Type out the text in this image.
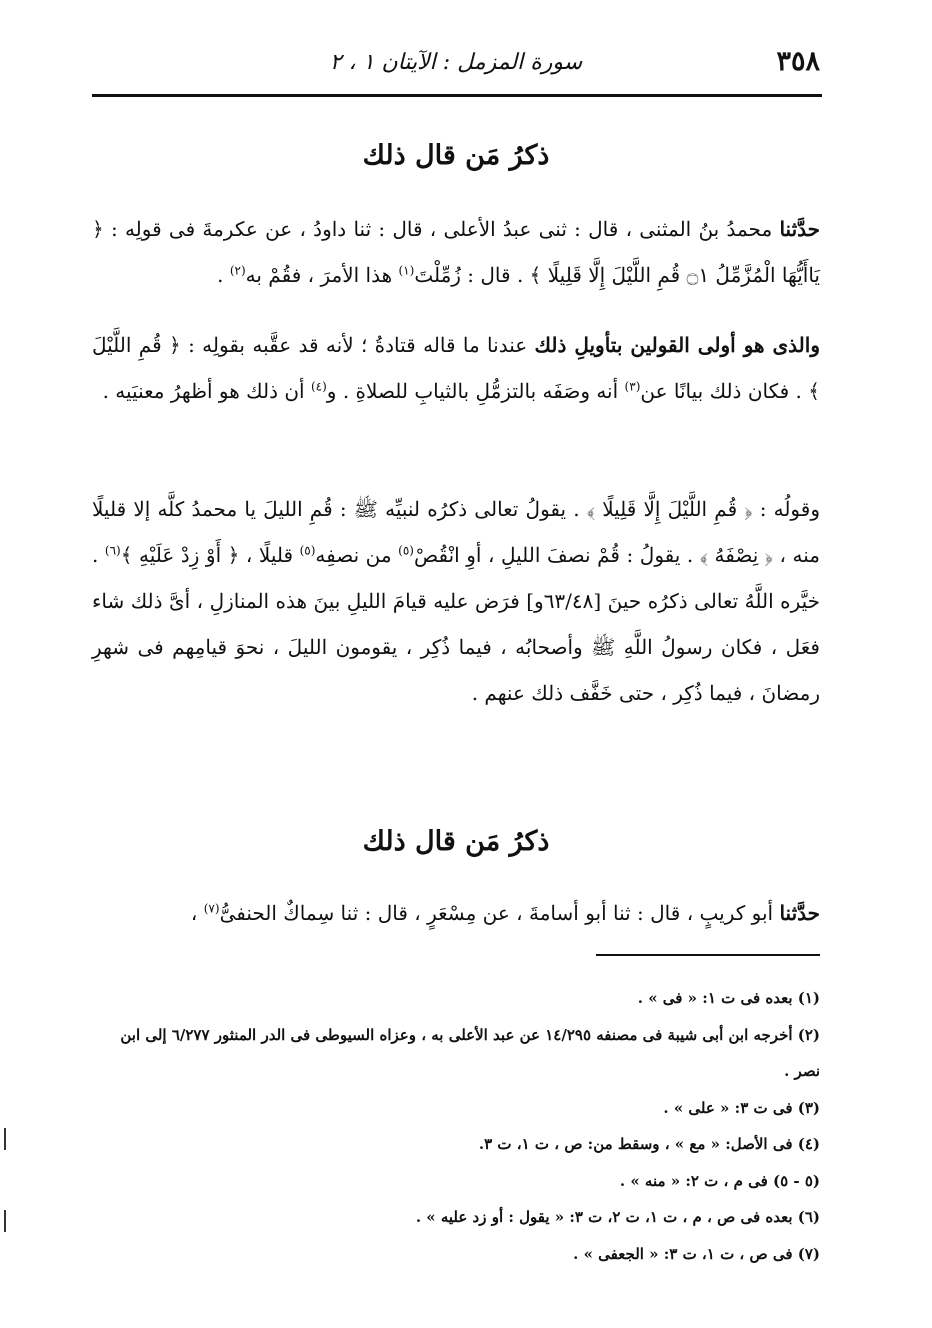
٣٥٨
سورة المزمل : الآيتان ١ ، ٢
ذكرُ مَن قال ذلك
حدَّثنا محمدُ بنُ المثنى ، قال : ثنى عبدُ الأعلى ، قال : ثنا داودُ ، عن عكرمةَ فى قولِه : ﴿ يَاأَيُّهَا الْمُزَّمِّلُ ۝١ قُمِ اللَّيْلَ إِلَّا قَلِيلًا ﴾ . قال : زُمِّلْتَ$^{(١)}$ هذا الأمرَ ، فقُمْ به$^{(٢)}$ .
والذى هو أولى القولين بتأويلِ ذلك عندنا ما قاله قتادةُ ؛ لأنه قد عقَّبه بقولِه : ﴿ قُمِ اللَّيْلَ ﴾ . فكان ذلك بيانًا عن$^{(٣)}$ أنه وصَفَه بالتزمُّلِ بالثيابِ للصلاةِ . و$^{(٤)}$ أن ذلك هو أظهرُ معنيَيه .
وقولُه : ﴿ قُمِ اللَّيْلَ إِلَّا قَلِيلًا ﴾ . يقولُ تعالى ذكرُه لنبيِّه ﷺ : قُمِ الليلَ يا محمدُ كلَّه إلا قليلًا منه ، ﴿ نِصْفَهُ ﴾ . يقولُ : قُمْ نصفَ الليلِ ، أوِ انْقُصْ$^{(٥)}$ من نصفِه$^{(٥)}$ قليلًا ، ﴿ أَوْ زِدْ عَلَيْهِ ﴾$^{(٦)}$ . خيَّره اللَّهُ تعالى ذكرُه حينَ [٦٣/٤٨و] فرَض عليه قيامَ الليلِ بينَ هذه المنازلِ ، أىَّ ذلك شاء فعَل ، فكان رسولُ اللَّهِ ﷺ وأصحابُه ، فيما ذُكِر ، يقومون الليلَ ، نحوَ قيامِهم فى شهرِ رمضانَ ، فيما ذُكِر ، حتى خَفَّف ذلك عنهم .
ذكرُ مَن قال ذلك
حدَّثنا أبو كريبٍ ، قال : ثنا أبو أسامةَ ، عن مِسْعَرٍ ، قال : ثنا سِماكٌ الحنفىُّ$^{(٧)}$ ،

(١) بعده فى ت ١: « فى » .

(٢) أخرجه ابن أبى شيبة فى مصنفه ١٤/٢٩٥ عن عبد الأعلى به ، وعزاه السيوطى فى الدر المنثور ٦/٢٧٧ إلى ابن نصر .

(٣) فى ت ٣: « على » .

(٤) فى الأصل: « مع » ، وسقط من: ص ، ت ١، ت ٣.

(٥ - ٥) فى م ، ت ٢: « منه » .

(٦) بعده فى ص ، م ، ت ١، ت ٢، ت ٣: « يقول : أو زد عليه » .

(٧) فى ص ، ت ١، ت ٣: « الجعفى » .
